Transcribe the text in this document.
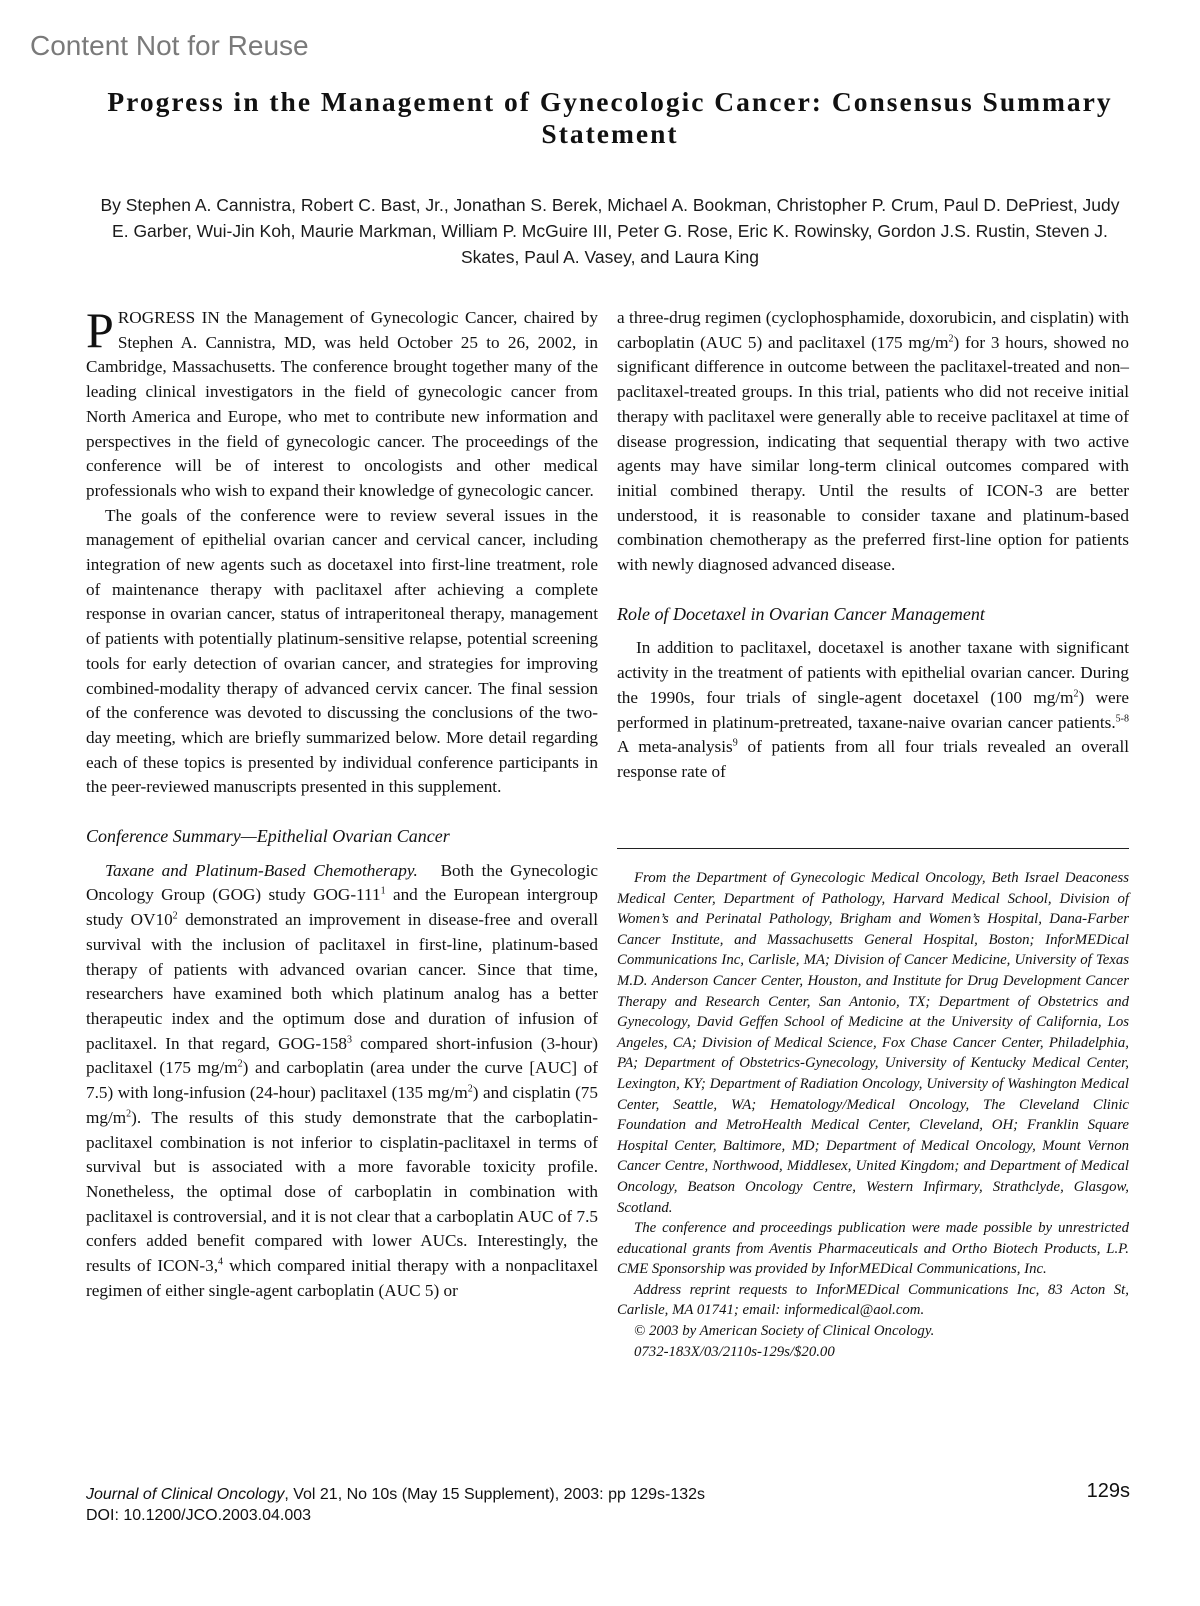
Content Not for Reuse
Progress in the Management of Gynecologic Cancer: Consensus Summary Statement

By Stephen A. Cannistra, Robert C. Bast, Jr., Jonathan S. Berek, Michael A. Bookman, Christopher P. Crum, Paul D. DePriest, Judy E. Garber, Wui-Jin Koh, Maurie Markman, William P. McGuire III, Peter G. Rose, Eric K. Rowinsky, Gordon J.S. Rustin, Steven J. Skates, Paul A. Vasey, and Laura King

PROGRESS IN the Management of Gynecologic Cancer, chaired by Stephen A. Cannistra, MD, was held October 25 to 26, 2002, in Cambridge, Massachusetts. The conference brought together many of the leading clinical investigators in the field of gynecologic cancer from North America and Europe, who met to contribute new information and perspectives in the field of gynecologic cancer. The proceedings of the conference will be of interest to oncologists and other medical professionals who wish to expand their knowledge of gynecologic cancer.

The goals of the conference were to review several issues in the management of epithelial ovarian cancer and cervical cancer, including integration of new agents such as docetaxel into first-line treatment, role of maintenance therapy with paclitaxel after achieving a complete response in ovarian cancer, status of intraperitoneal therapy, management of patients with potentially platinum-sensitive relapse, potential screening tools for early detection of ovarian cancer, and strategies for improving combined-modality therapy of advanced cervix cancer. The final session of the conference was devoted to discussing the conclusions of the two-day meeting, which are briefly summarized below. More detail regarding each of these topics is presented by individual conference participants in the peer-reviewed manuscripts presented in this supplement.

Conference Summary—Epithelial Ovarian Cancer

Taxane and Platinum-Based Chemotherapy. Both the Gynecologic Oncology Group (GOG) study GOG-$111^1$ and the European intergroup study $OV10^2$ demonstrated an improvement in disease-free and overall survival with the inclusion of paclitaxel in first-line, platinum-based therapy of patients with advanced ovarian cancer. Since that time, researchers have examined both which platinum analog has a better therapeutic index and the optimum dose and duration of infusion of paclitaxel. In that regard, GOG-$158^3$ compared short-infusion (3-hour) paclitaxel (175 $mg/m^2$) and carboplatin (area under the curve [AUC] of 7.5) with long-infusion (24-hour) paclitaxel (135 $mg/m^2$) and cisplatin (75 $mg/m^2$). The results of this study demonstrate that the carboplatin-paclitaxel combination is not inferior to cisplatin-paclitaxel in terms of survival but is associated with a more favorable toxicity profile. Nonetheless, the optimal dose of carboplatin in combination with paclitaxel is controversial, and it is not clear that a carboplatin AUC of 7.5 confers added benefit compared with lower AUCs. Interestingly, the results of ICON-3,$^4$ which compared initial therapy with a nonpaclitaxel regimen of either single-agent carboplatin (AUC 5) or

a three-drug regimen (cyclophosphamide, doxorubicin, and cisplatin) with carboplatin (AUC 5) and paclitaxel (175 $mg/m^2$) for 3 hours, showed no significant difference in outcome between the paclitaxel-treated and non–paclitaxel-treated groups. In this trial, patients who did not receive initial therapy with paclitaxel were generally able to receive paclitaxel at time of disease progression, indicating that sequential therapy with two active agents may have similar long-term clinical outcomes compared with initial combined therapy. Until the results of ICON-3 are better understood, it is reasonable to consider taxane and platinum-based combination chemotherapy as the preferred first-line option for patients with newly diagnosed advanced disease.

Role of Docetaxel in Ovarian Cancer Management

In addition to paclitaxel, docetaxel is another taxane with significant activity in the treatment of patients with epithelial ovarian cancer. During the 1990s, four trials of single-agent docetaxel (100 $mg/m^2$) were performed in platinum-pretreated, taxane-naive ovarian cancer patients.$^{5-8}$ A meta-analysis$^9$ of patients from all four trials revealed an overall response rate of

From the Department of Gynecologic Medical Oncology, Beth Israel Deaconess Medical Center, Department of Pathology, Harvard Medical School, Division of Women’s and Perinatal Pathology, Brigham and Women’s Hospital, Dana-Farber Cancer Institute, and Massachusetts General Hospital, Boston; InforMEDical Communications Inc, Carlisle, MA; Division of Cancer Medicine, University of Texas M.D. Anderson Cancer Center, Houston, and Institute for Drug Development Cancer Therapy and Research Center, San Antonio, TX; Department of Obstetrics and Gynecology, David Geffen School of Medicine at the University of California, Los Angeles, CA; Division of Medical Science, Fox Chase Cancer Center, Philadelphia, PA; Department of Obstetrics-Gynecology, University of Kentucky Medical Center, Lexington, KY; Department of Radiation Oncology, University of Washington Medical Center, Seattle, WA; Hematology/Medical Oncology, The Cleveland Clinic Foundation and MetroHealth Medical Center, Cleveland, OH; Franklin Square Hospital Center, Baltimore, MD; Department of Medical Oncology, Mount Vernon Cancer Centre, Northwood, Middlesex, United Kingdom; and Department of Medical Oncology, Beatson Oncology Centre, Western Infirmary, Strathclyde, Glasgow, Scotland.

The conference and proceedings publication were made possible by unrestricted educational grants from Aventis Pharmaceuticals and Ortho Biotech Products, L.P. CME Sponsorship was provided by InforMEDical Communications, Inc.

Address reprint requests to InforMEDical Communications Inc, 83 Acton St, Carlisle, MA 01741; email: informedical@aol.com.

© 2003 by American Society of Clinical Oncology.

0732-183X/03/2110s-129s/$20.00

Journal of Clinical Oncology, Vol 21, No 10s (May 15 Supplement), 2003: pp 129s-132s
DOI: 10.1200/JCO.2003.04.003
129s
